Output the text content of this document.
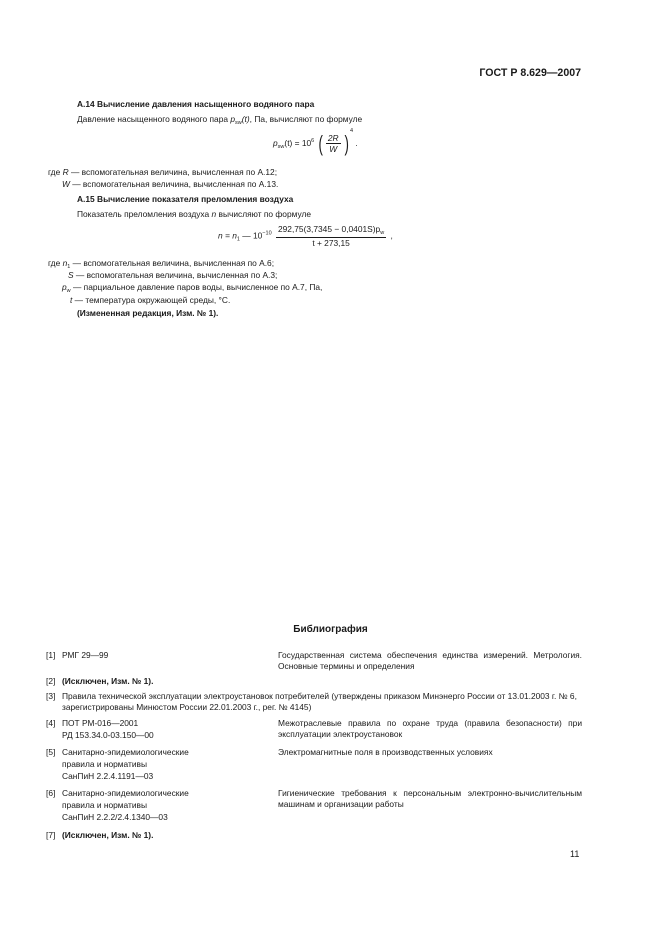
ГОСТ Р 8.629—2007
А.14 Вычисление давления насыщенного водяного пара
Давление насыщенного водяного пара $p_{sw}(t)$, Па, вычисляют по формуле
$p_{sw}(t) = 10^6$ ( $\frac{2R}{W} )^4$ .
где R — вспомогательная величина, вычисленная по А.12;
W — вспомогательная величина, вычисленная по А.13.
А.15 Вычисление показателя преломления воздуха
Показатель преломления воздуха n вычисляют по формуле
$n = n_1$ — $10^{-10} \frac{292,75(3,7345 - 0,0401S)p_w}{t + 273,15}$ ,
где $n_1$ — вспомогательная величина, вычисленная по А.6;
S — вспомогательная величина, вычисленная по А.3;
$p_w$ — парциальное давление паров воды, вычисленное по А.7, Па,
t — температура окружающей среды, °С.
(Измененная редакция, Изм. № 1).
Библиография
[1] РМГ 29—99	Государственная система обеспечения единства измерений. Метрология. Основные термины и определения
[2] (Исключен, Изм. № 1).
[3] Правила технической эксплуатации электроустановок потребителей (утверждены приказом Минэнерго России от 13.01.2003 г. № 6, зарегистрированы Минюстом России 22.01.2003 г., рег. № 4145)
[4] ПОТ РМ-016—2001
РД 153.34.0-03.150—00
Межотраслевые правила по охране труда (правила безопасности) при эксплуатации электроустановок
[5] Санитарно-эпидемиологические
правила и нормативы
СанПиН 2.2.4.1191—03
Электромагнитные поля в производственных условиях
[6] Санитарно-эпидемиологические
правила и нормативы
СанПиН 2.2.2/2.4.1340—03
Гигиенические требования к персональным электронно-вычислительным машинам и организации работы
[7] (Исключен, Изм. № 1).
11
